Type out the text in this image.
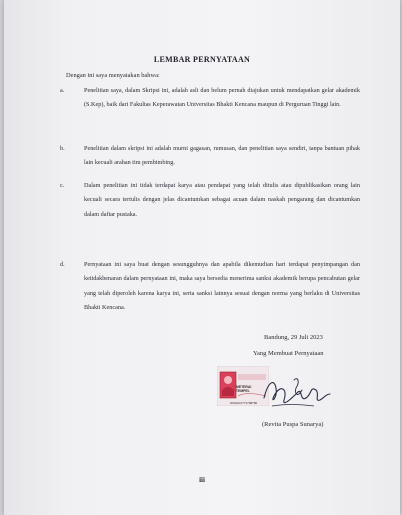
LEMBAR PERNYATAAN
Dengan ini saya menyatakan bahwa:
a.	Penelitian saya, dalam Skripsi ini, adalah asli dan belum pernah diajukan untuk mendapatkan gelar akademik (S.Kep), baik dari Fakultas Keperawatan Universitas Bhakti Kencana maupun di Perguruan Tinggi lain.
b.	Penelitian dalam skripsi ini adalah murni gagasan, rumusan, dan penelitian saya sendiri, tanpa bantuan pihak lain kecuali arahan tim pembimbing.
c.	Dalam penelitian ini tidak terdapat karya atau pendapat yang telah ditulis atau dipublikasikan orang lain kecuali secara tertulis dengan jelas dicantumkan sebagai acuan dalam naskah pengarang dan dicantumkan dalam daftar pustaka.
d.	Pernyataan ini saya buat dengan sesungguhnya dan apabila dikemudian hari terdapat penyimpangan dan ketidakbenaran dalam pernyataan ini, maka saya bersedia menerima sanksi akademik berupa pencabutan gelar yang telah diperoleh karena karya ini, serta sanksi lainnya sesuai dengan norma yang berlaku di Universitas Bhakti Kencana.
Bandung, 29 Juli 2023
Yang Membuat Pernyataan
METERAI
TEMPEL
9ONAKX771798780
(Revita Puspa Sunarya)
iii
